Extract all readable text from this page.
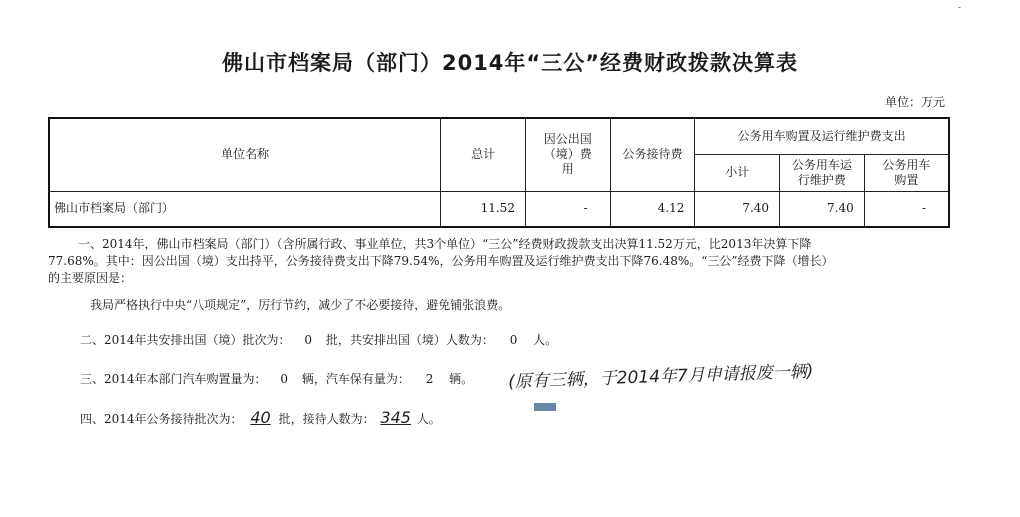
-
佛山市档案局（部门）2014年“三公”经费财政拨款决算表
单位：万元
单位名称	总计	因公出国（境）费用	公务接待费	公务用车购置及运行维护费支出		
				小计	公务用车运行维护费	公务用车购置
佛山市档案局（部门）	11.52	-	4.12	7.40	7.40	-
一、2014年，佛山市档案局（部门）（含所属行政、事业单位，共3个单位）“三公”经费财政拨款支出决算11.52万元，比2013年决算下降
77.68%。其中：因公出国（境）支出持平，公务接待费支出下降79.54%，公务用车购置及运行维护费支出下降76.48%。“三公”经费下降（增长）
的主要原因是：
我局严格执行中央“八项规定”，厉行节约，减少了不必要接待，避免铺张浪费。
二、2014年共安排出国（境）批次为： 0 批，共安排出国（境）人数为： 0 人。
三、2014年本部门汽车购置量为： 0 辆，汽车保有量为： 2 辆。 (原有三辆，于2014年7月申请报废一辆)
四、2014年公务接待批次为： 40 批，接待人数为： 345 人。
